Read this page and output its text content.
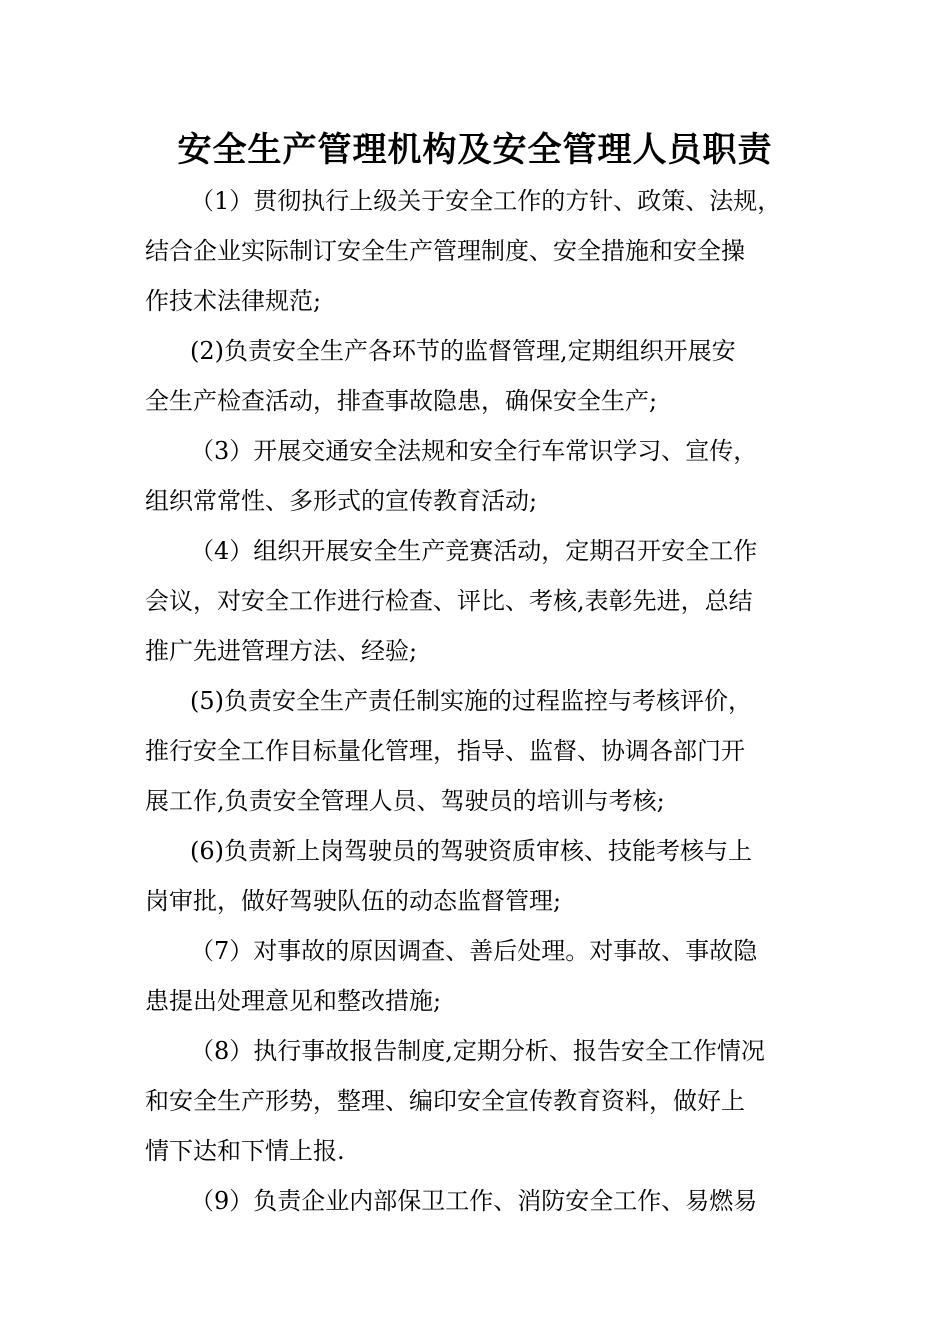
安全生产管理机构及安全管理人员职责

（1）贯彻执行上级关于安全工作的方针、政策、法规，
结合企业实际制订安全生产管理制度、安全措施和安全操
作技术法律规范;

(2)负责安全生产各环节的监督管理,定期组织开展安
全生产检查活动，排查事故隐患，确保安全生产;

（3）开展交通安全法规和安全行车常识学习、宣传，
组织常常性、多形式的宣传教育活动;

（4）组织开展安全生产竞赛活动，定期召开安全工作
会议，对安全工作进行检查、评比、考核,表彰先进，总结
推广先进管理方法、经验;

(5)负责安全生产责任制实施的过程监控与考核评价，
推行安全工作目标量化管理，指导、监督、协调各部门开
展工作,负责安全管理人员、驾驶员的培训与考核;

(6)负责新上岗驾驶员的驾驶资质审核、技能考核与上
岗审批，做好驾驶队伍的动态监督管理;

（7）对事故的原因调查、善后处理。对事故、事故隐
患提出处理意见和整改措施;

（8）执行事故报告制度,定期分析、报告安全工作情况
和安全生产形势，整理、编印安全宣传教育资料，做好上
情下达和下情上报.

（9）负责企业内部保卫工作、消防安全工作、易燃易
